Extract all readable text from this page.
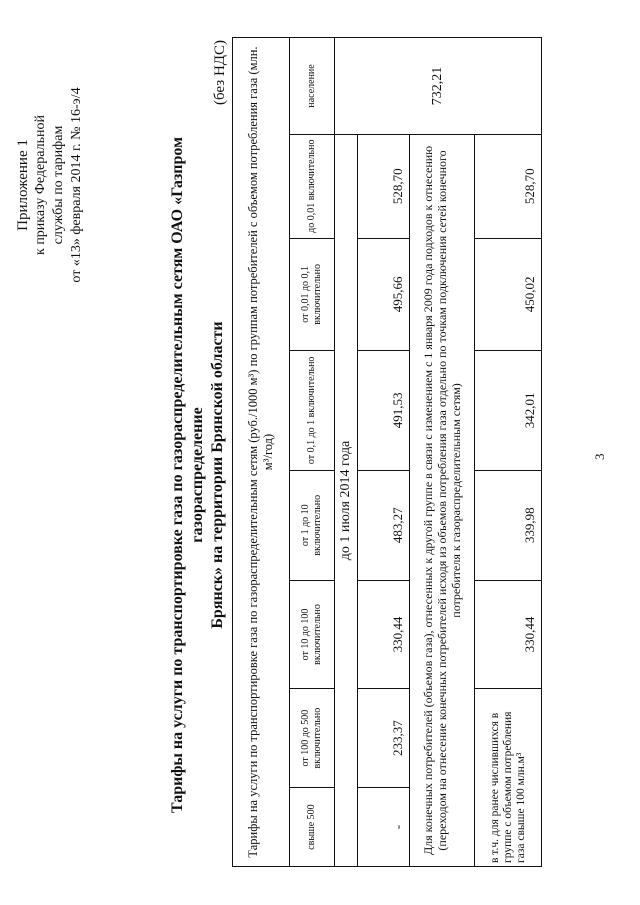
Приложение 1 к приказу Федеральной службы по тарифам от «13» февраля 2014 г. № 16-э/4	Тарифы на услуги по транспортировке газа по газораспределительным сетям ОАО «Газпром газораспределение Брянск» на территории Брянской области
(без НДС) Тарифы на услуги по транспортировке газа по газораспределительным сетям (руб./1000 м³) по группам потребителей с объемом потребления газа (млн. м³/год)							
свыше 500	от 100 до 500 включительно	от 10 до 100 включительно	от 1 до 10 включительно	от 0,1 до 1 включительно	от 0,01 до 0,1 включительно	до 0,01 включительно	население
до 1 июля 2014 года							732,21
-	233,37	330,44	483,27	491,53	495,66	528,70	
Для конечных потребителей (объемов газа), отнесенных к другой группе в связи с изменением с 1 января 2009 года подходов к отнесению (переходом на отнесение конечных потребителей исходя из объемов потребления газа отдельно по точкам подключения сетей конечного потребителя к газораспределительным сетям)							
в т.ч. для ранее числившихся в группе с объемом потребления газа свыше 100 млн.м³		330,44	339,98	342,01	450,02	528,70	
3
